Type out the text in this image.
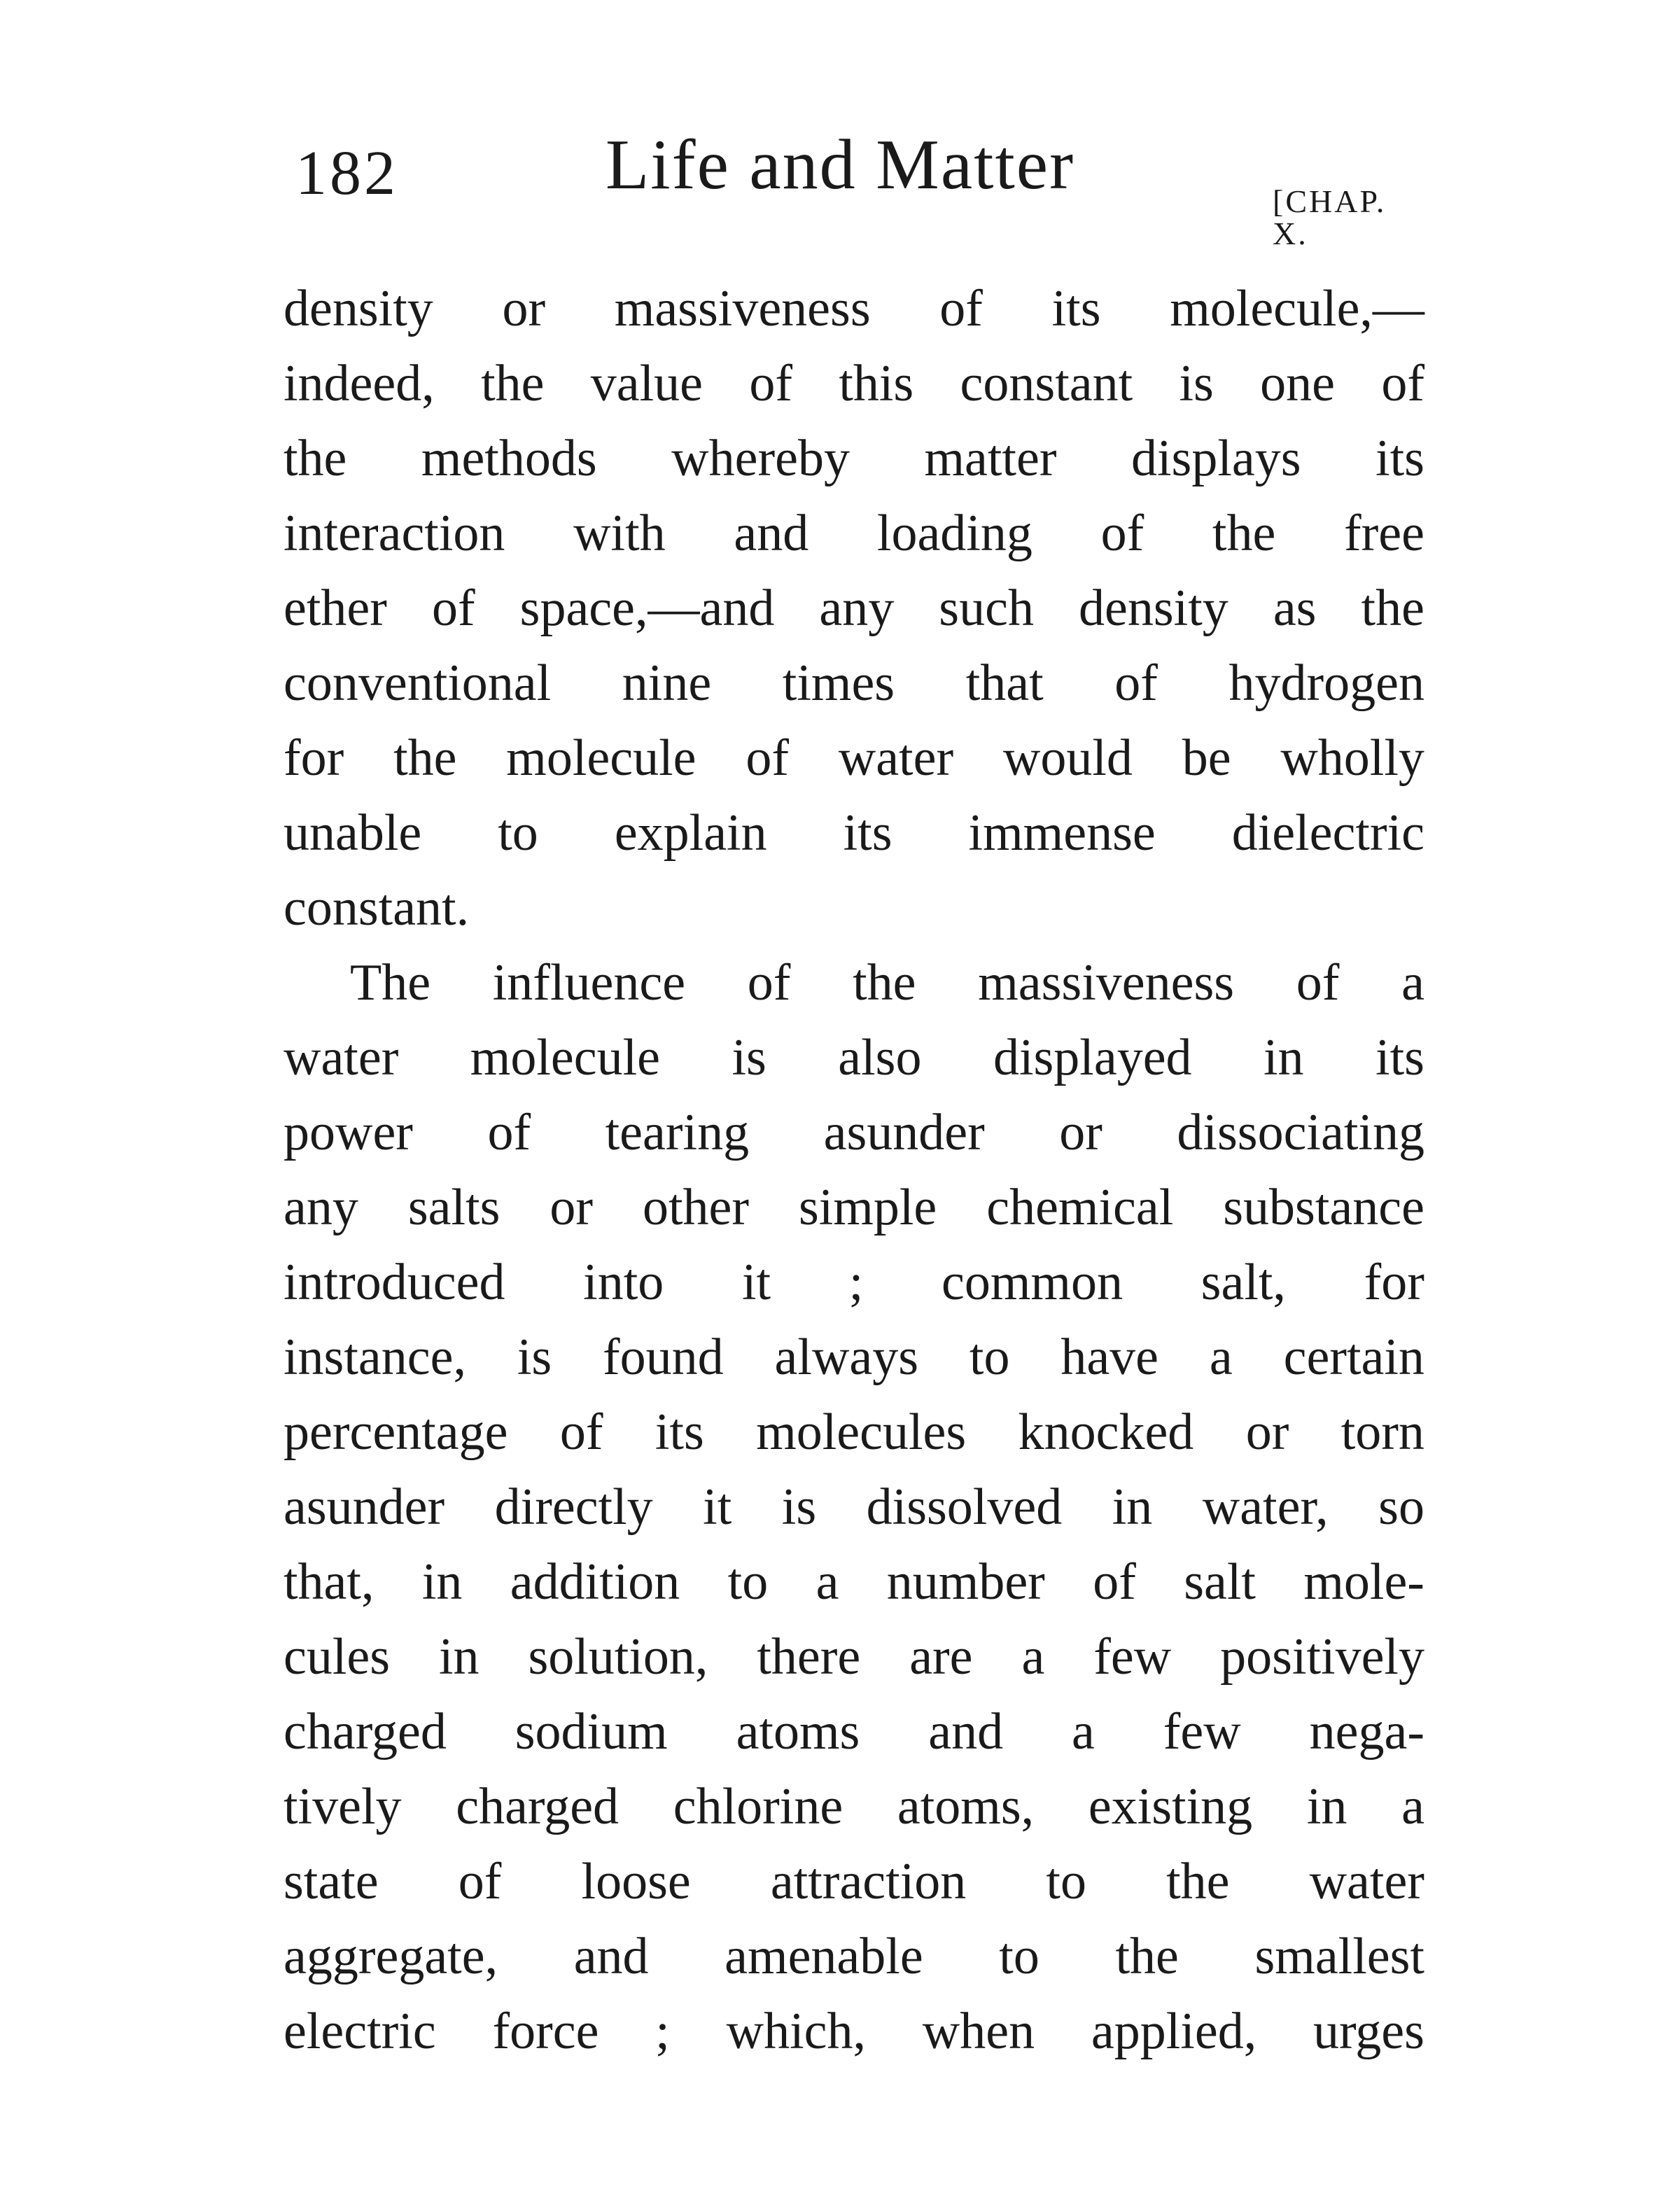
182	Life and Matter	[CHAP. X.
density or massiveness of its molecule,—
indeed, the value of this constant is one of
the methods whereby matter displays its
interaction with and loading of the free
ether of space,—and any such density as the
conventional nine times that of hydrogen
for the molecule of water would be wholly
unable to explain its immense dielectric
constant.
The influence of the massiveness of a
water molecule is also displayed in its
power of tearing asunder or dissociating
any salts or other simple chemical substance
introduced into it ; common salt, for
instance, is found always to have a certain
percentage of its molecules knocked or torn
asunder directly it is dissolved in water, so
that, in addition to a number of salt mole-
cules in solution, there are a few positively
charged sodium atoms and a few nega-
tively charged chlorine atoms, existing in a
state of loose attraction to the water
aggregate, and amenable to the smallest
electric force ; which, when applied, urges
